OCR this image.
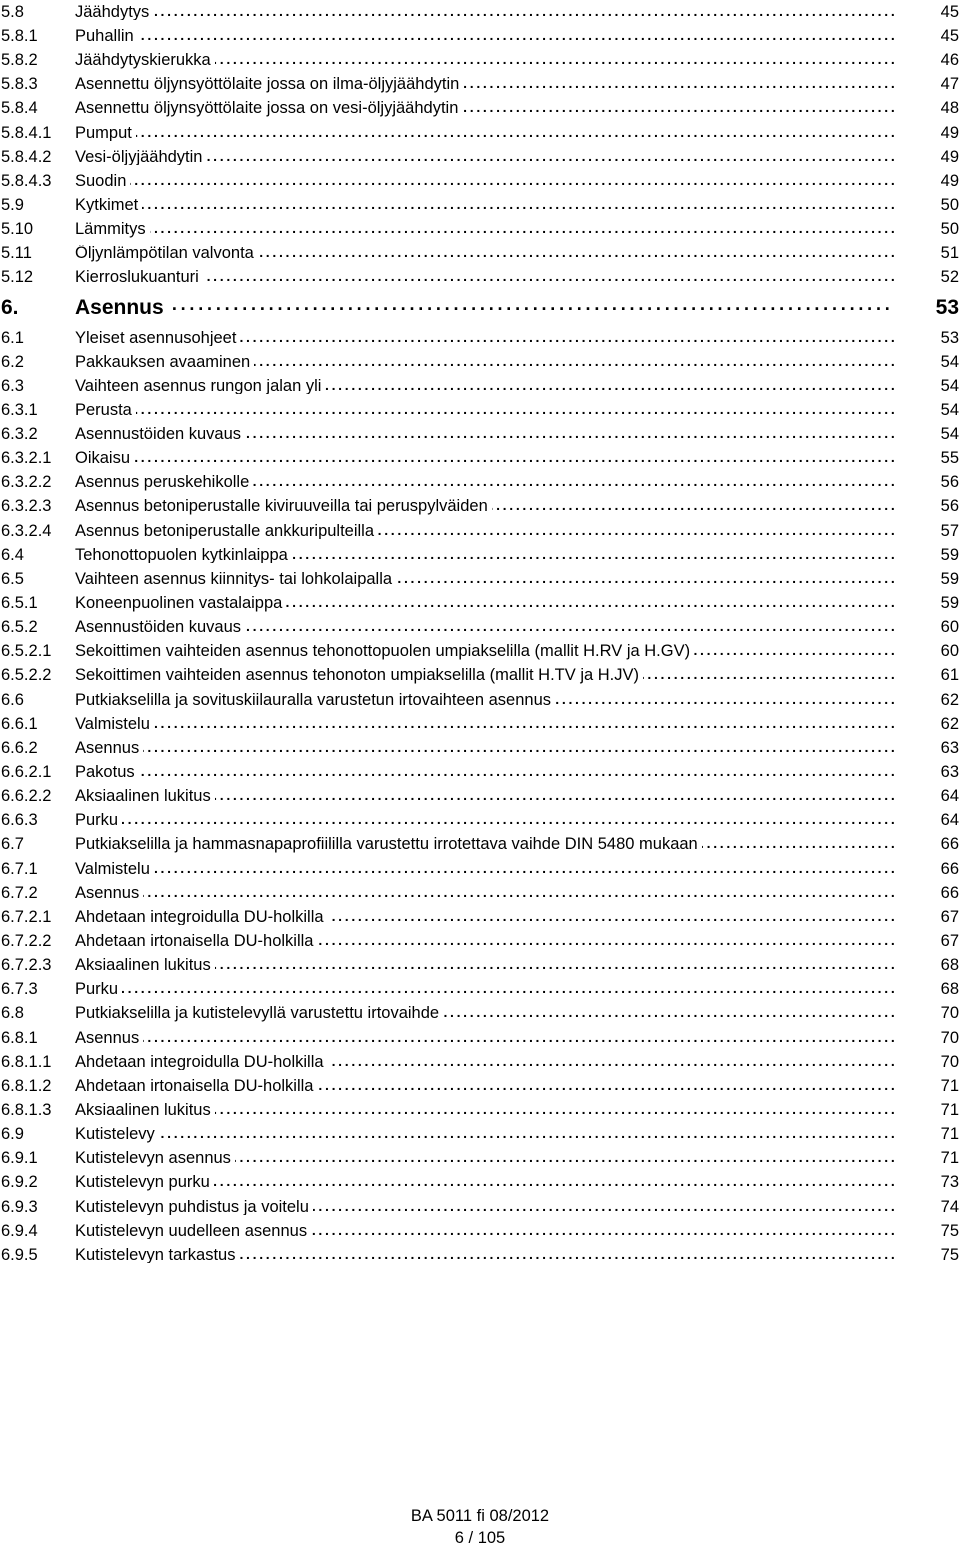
5.8	Jäähdytys . . .	45
5.8.1 Puhallin . . .	45
5.8.2 Jäähdytyskierukka . . .	46
5.8.3 Asennettu öljynsyöttölaite jossa on ilma-öljyjäähdytin . . .	47
5.8.4 Asennettu öljynsyöttölaite jossa on vesi-öljyjäähdytin . . .	48
5.8.4.1 Pumput . . .	49
5.8.4.2 Vesi-öljyjäähdytin . . .	49
5.8.4.3 Suodin . . .	49
5.9	Kytkimet . . .	50
5.10	Lämmitys . . .	50
5.11	Öljynlämpötilan valvonta . . .	51
5.12	Kierroslukuanturi . . .	52
6.	Asennus . . .	53
6.1	Yleiset asennusohjeet . . .	53
6.2	Pakkauksen avaaminen . . .	54
6.3	Vaihteen asennus rungon jalan yli . . .	54
6.3.1 Perusta . . .	54
6.3.2 Asennustöiden kuvaus . . .	54
6.3.2.1 Oikaisu . . .	55
6.3.2.2 Asennus peruskehikolle . . .	56
6.3.2.3 Asennus betoniperustalle kiviruuveilla tai peruspylväiden . . .	56
6.3.2.4 Asennus betoniperustalle ankkuripulteilla . . .	57
6.4	Tehonottopuolen kytkinlaippa . . .	59
6.5	Vaihteen asennus kiinnitys- tai lohkolaipalla . . .	59
6.5.1 Koneenpuolinen vastalaippa . . .	59
6.5.2 Asennustöiden kuvaus . . .	60
6.5.2.1 Sekoittimen vaihteiden asennus tehonottopuolen umpiakselilla (mallit H.RV ja H.GV) . . .	60
6.5.2.2 Sekoittimen vaihteiden asennus tehonoton umpiakselilla (mallit H.TV ja H.JV) . . .	61
6.6	Putkiakselilla ja sovituskiilauralla varustetun irtovaihteen asennus . . .	62
6.6.1 Valmistelu . . .	62
6.6.2 Asennus . . .	63
6.6.2.1 Pakotus . . .	63
6.6.2.2 Aksiaalinen lukitus . . .	64
6.6.3 Purku . . .	64
6.7	Putkiakselilla ja hammasnapaprofiililla varustettu irrotettava vaihde DIN 5480 mukaan . . .	66
6.7.1 Valmistelu . . .	66
6.7.2 Asennus . . .	66
6.7.2.1 Ahdetaan integroidulla DU-holkilla . . .	67
6.7.2.2 Ahdetaan irtonaisella DU-holkilla . . .	67
6.7.2.3 Aksiaalinen lukitus . . .	68
6.7.3 Purku . . .	68
6.8	Putkiakselilla ja kutistelevyllä varustettu irtovaihde . . .	70
6.8.1 Asennus . . .	70
6.8.1.1 Ahdetaan integroidulla DU-holkilla . . .	70
6.8.1.2 Ahdetaan irtonaisella DU-holkilla . . .	71
6.8.1.3 Aksiaalinen lukitus . . .	71
6.9	Kutistelevy . . .	71
6.9.1 Kutistelevyn asennus . . .	71
6.9.2 Kutistelevyn purku . . .	73
6.9.3 Kutistelevyn puhdistus ja voitelu . . .	74
6.9.4 Kutistelevyn uudelleen asennus . . .	75
6.9.5 Kutistelevyn tarkastus . . .	75
BA 5011 fi 08/2012
6 / 105
